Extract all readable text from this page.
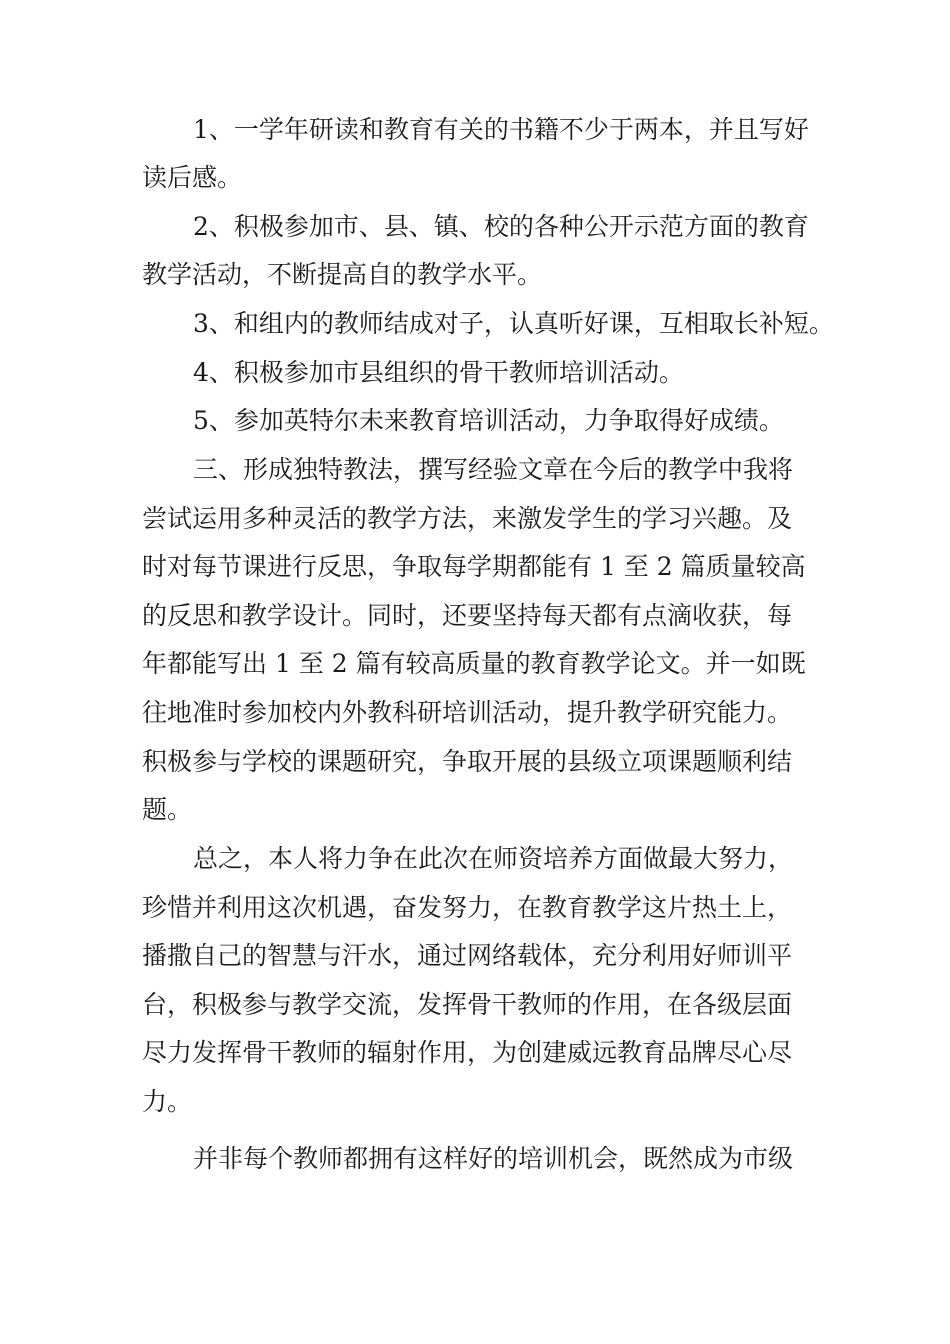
1、一学年研读和教育有关的书籍不少于两本，并且写好
读后感。
2、积极参加市、县、镇、校的各种公开示范方面的教育
教学活动，不断提高自的教学水平。
3、和组内的教师结成对子，认真听好课，互相取长补短。
4、积极参加市县组织的骨干教师培训活动。
5、参加英特尔未来教育培训活动，力争取得好成绩。
三、形成独特教法，撰写经验文章在今后的教学中我将
尝试运用多种灵活的教学方法，来激发学生的学习兴趣。及
时对每节课进行反思，争取每学期都能有 1 至 2 篇质量较高
的反思和教学设计。同时，还要坚持每天都有点滴收获，每
年都能写出 1 至 2 篇有较高质量的教育教学论文。并一如既
往地准时参加校内外教科研培训活动，提升教学研究能力。
积极参与学校的课题研究，争取开展的县级立项课题顺利结
题。
总之，本人将力争在此次在师资培养方面做最大努力，
珍惜并利用这次机遇，奋发努力，在教育教学这片热土上，
播撒自己的智慧与汗水，通过网络载体，充分利用好师训平
台，积极参与教学交流，发挥骨干教师的作用，在各级层面
尽力发挥骨干教师的辐射作用，为创建威远教育品牌尽心尽
力。
并非每个教师都拥有这样好的培训机会，既然成为市级
